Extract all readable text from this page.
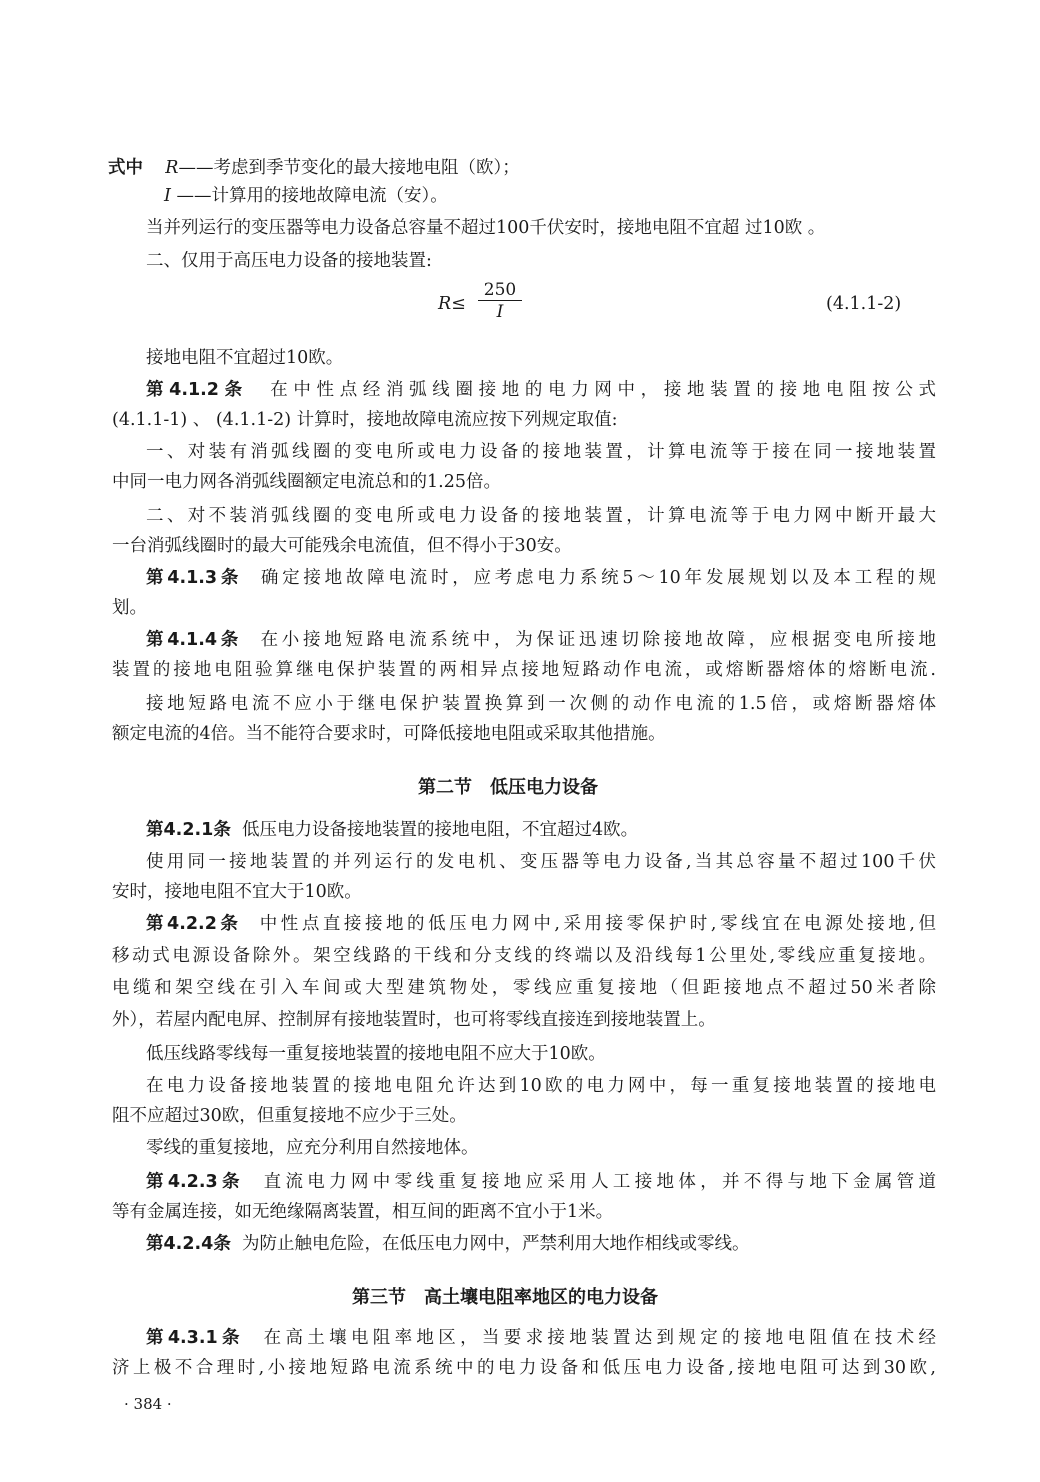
式中 R——考虑到季节变化的最大接地电阻（欧）；
I ——计算用的接地故障电流（安）。
当并列运行的变压器等电力设备总容量不超过100千伏安时，接地电阻不宜超 过10欧 。
二、仅用于高压电力设备的接地装置:
R≤
250
I	(4.1.1-2)
接地电阻不宜超过10欧。
第4.1.2条 在中性点经消弧线圈接地的电力网中，接地装置的接地电阻按公式
(4.1.1-1) 、 (4.1.1-2) 计算时，接地故障电流应按下列规定取值:
一、对装有消弧线圈的变电所或电力设备的接地装置，计算电流等于接在同一接地装置
中同一电力网各消弧线圈额定电流总和的1.25倍。
二、对不装消弧线圈的变电所或电力设备的接地装置，计算电流等于电力网中断开最大
一台消弧线圈时的最大可能残余电流值，但不得小于30安。
第4.1.3条 确定接地故障电流时，应考虑电力系统5～10年发展规划以及本工程的规
划。
第4.1.4条 在小接地短路电流系统中，为保证迅速切除接地故障，应根据变电所接地
装置的接地电阻验算继电保护装置的两相异点接地短路动作电流，或熔断器熔体的熔断电流.
接地短路电流不应小于继电保护装置换算到一次侧的动作电流的1.5倍，或熔断器熔体
额定电流的4倍。当不能符合要求时，可降低接地电阻或采取其他措施。
第二节　低压电力设备
第4.2.1条 低压电力设备接地装置的接地电阻，不宜超过4欧。
使用同一接地装置的并列运行的发电机、变压器等电力设备,当其总容量不超过100千伏
安时，接地电阻不宜大于10欧。
第4.2.2条 中性点直接接地的低压电力网中,采用接零保护时,零线宜在电源处接地,但
移动式电源设备除外。架空线路的干线和分支线的终端以及沿线每1公里处,零线应重复接地。
电缆和架空线在引入车间或大型建筑物处，零线应重复接地（但距接地点不超过50米者除
外），若屋内配电屏、控制屏有接地装置时，也可将零线直接连到接地装置上。
低压线路零线每一重复接地装置的接地电阻不应大于10欧。
在电力设备接地装置的接地电阻允许达到10欧的电力网中，每一重复接地装置的接地电
阻不应超过30欧，但重复接地不应少于三处。
零线的重复接地，应充分利用自然接地体。
第4.2.3条 直流电力网中零线重复接地应采用人工接地体，并不得与地下金属管道
等有金属连接，如无绝缘隔离装置，相互间的距离不宜小于1米。
第4.2.4条 为防止触电危险，在低压电力网中，严禁利用大地作相线或零线。
第三节　高土壤电阻率地区的电力设备
第4.3.1条 在高土壤电阻率地区，当要求接地装置达到规定的接地电阻值在技术经
济上极不合理时,小接地短路电流系统中的电力设备和低压电力设备,接地电阻可达到30欧,
· 384 ·
